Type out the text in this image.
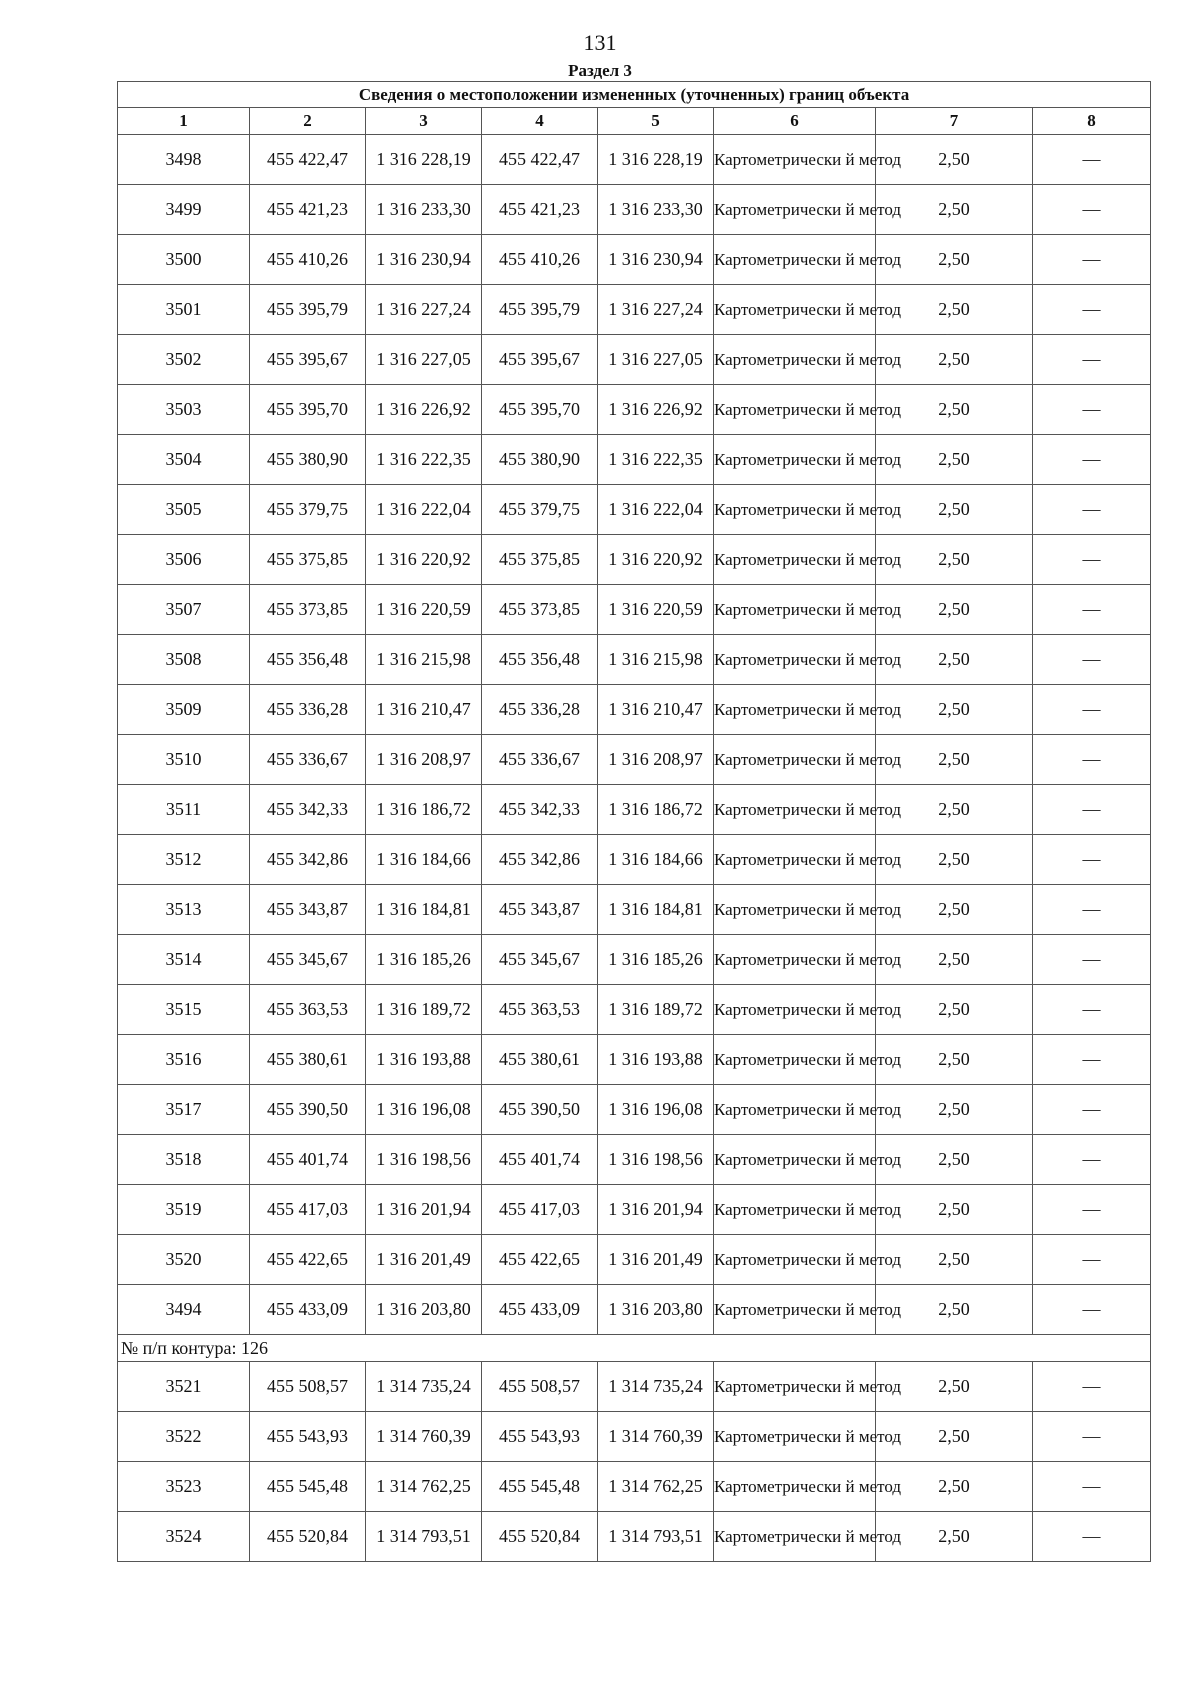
131
Раздел 3
Сведения о местоположении измененных (уточненных) границ объекта							
1	2	3	4	5	6	7	8
3498	455 422,47	1 316 228,19	455 422,47	1 316 228,19	Картометрически й метод	2,50	—
3499	455 421,23	1 316 233,30	455 421,23	1 316 233,30	Картометрически й метод	2,50	—
3500	455 410,26	1 316 230,94	455 410,26	1 316 230,94	Картометрически й метод	2,50	—
3501	455 395,79	1 316 227,24	455 395,79	1 316 227,24	Картометрически й метод	2,50	—
3502	455 395,67	1 316 227,05	455 395,67	1 316 227,05	Картометрически й метод	2,50	—
3503	455 395,70	1 316 226,92	455 395,70	1 316 226,92	Картометрически й метод	2,50	—
3504	455 380,90	1 316 222,35	455 380,90	1 316 222,35	Картометрически й метод	2,50	—
3505	455 379,75	1 316 222,04	455 379,75	1 316 222,04	Картометрически й метод	2,50	—
3506	455 375,85	1 316 220,92	455 375,85	1 316 220,92	Картометрически й метод	2,50	—
3507	455 373,85	1 316 220,59	455 373,85	1 316 220,59	Картометрически й метод	2,50	—
3508	455 356,48	1 316 215,98	455 356,48	1 316 215,98	Картометрически й метод	2,50	—
3509	455 336,28	1 316 210,47	455 336,28	1 316 210,47	Картометрически й метод	2,50	—
3510	455 336,67	1 316 208,97	455 336,67	1 316 208,97	Картометрически й метод	2,50	—
3511	455 342,33	1 316 186,72	455 342,33	1 316 186,72	Картометрически й метод	2,50	—
3512	455 342,86	1 316 184,66	455 342,86	1 316 184,66	Картометрически й метод	2,50	—
3513	455 343,87	1 316 184,81	455 343,87	1 316 184,81	Картометрически й метод	2,50	—
3514	455 345,67	1 316 185,26	455 345,67	1 316 185,26	Картометрически й метод	2,50	—
3515	455 363,53	1 316 189,72	455 363,53	1 316 189,72	Картометрически й метод	2,50	—
3516	455 380,61	1 316 193,88	455 380,61	1 316 193,88	Картометрически й метод	2,50	—
3517	455 390,50	1 316 196,08	455 390,50	1 316 196,08	Картометрически й метод	2,50	—
3518	455 401,74	1 316 198,56	455 401,74	1 316 198,56	Картометрически й метод	2,50	—
3519	455 417,03	1 316 201,94	455 417,03	1 316 201,94	Картометрически й метод	2,50	—
3520	455 422,65	1 316 201,49	455 422,65	1 316 201,49	Картометрически й метод	2,50	—
3494	455 433,09	1 316 203,80	455 433,09	1 316 203,80	Картометрически й метод	2,50	—
№ п/п контура: 126							
3521	455 508,57	1 314 735,24	455 508,57	1 314 735,24	Картометрически й метод	2,50	—
3522	455 543,93	1 314 760,39	455 543,93	1 314 760,39	Картометрически й метод	2,50	—
3523	455 545,48	1 314 762,25	455 545,48	1 314 762,25	Картометрически й метод	2,50	—
3524	455 520,84	1 314 793,51	455 520,84	1 314 793,51	Картометрически й метод	2,50	—
